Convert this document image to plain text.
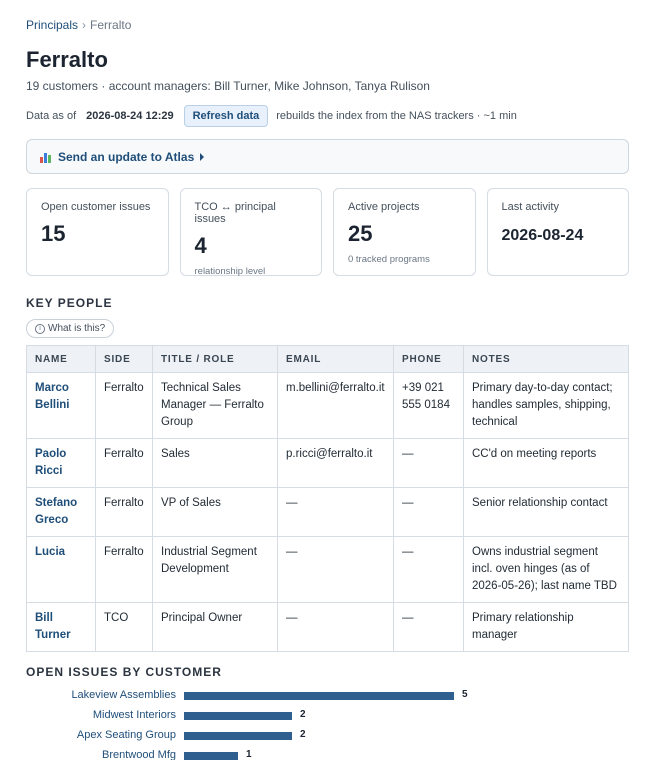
Principals › Ferralto
Ferralto
19 customers · account managers: Bill Turner, Mike Johnson, Tanya Rulison
Data as of 2026-08-24 12:29	Refresh data	rebuilds the index from the NAS trackers · ~1 min
Send an update to Atlas
Open customer issues
15
TCO ↔ principal issues
4
relationship level
Active projects
25
0 tracked programs
Last activity
2026-08-24
KEY PEOPLE
i What is this?
NAME	SIDE	TITLE / ROLE	EMAIL	PHONE	NOTES
Marco Bellini	Ferralto	Technical Sales Manager — Ferralto Group	m.bellini@ferralto.it	+39 021 555 0184	Primary day-to-day contact; handles samples, shipping, technical
Paolo Ricci	Ferralto	Sales	p.ricci@ferralto.it	—	CC'd on meeting reports
Stefano Greco	Ferralto	VP of Sales	—	—	Senior relationship contact
Lucia	Ferralto	Industrial Segment Development	—	—	Owns industrial segment incl. oven hinges (as of 2026-05-26); last name TBD
Bill Turner	TCO	Principal Owner	—	—	Primary relationship manager
OPEN ISSUES BY CUSTOMER
Lakeview Assemblies	5
Midwest Interiors	2
Apex Seating Group	2
Brentwood Mfg	1
